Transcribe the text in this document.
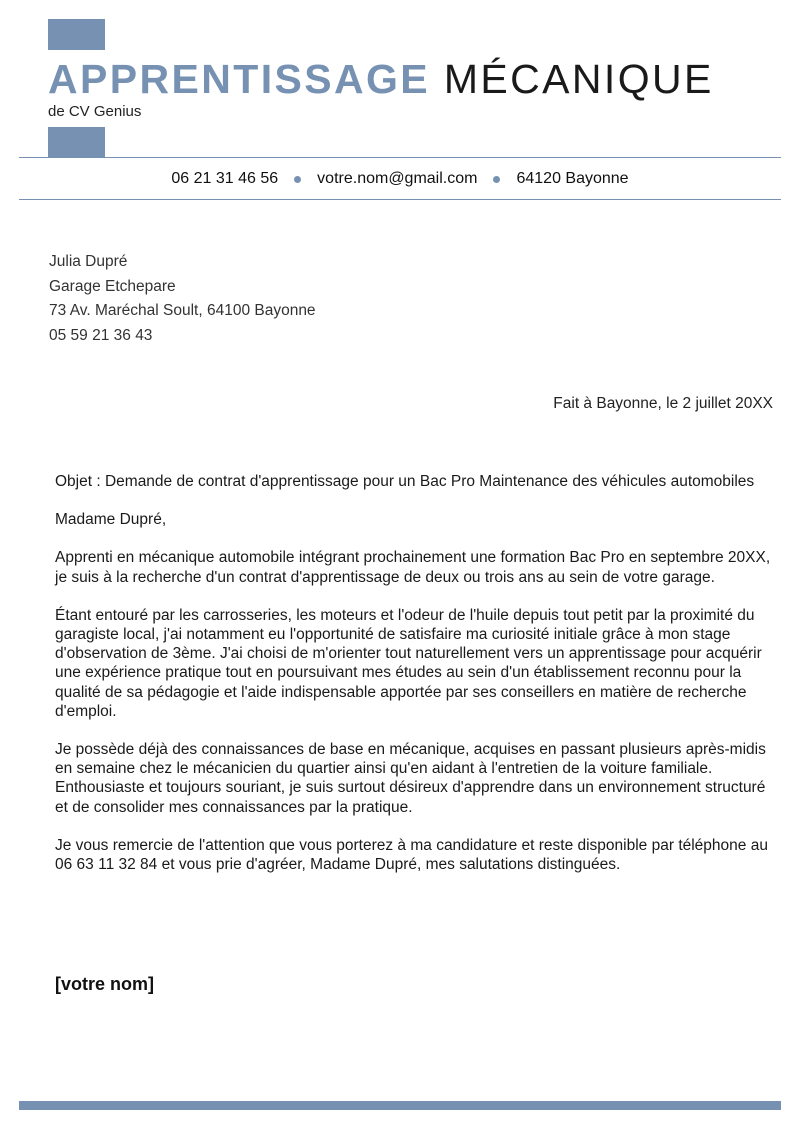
APPRENTISSAGE MÉCANIQUE
de CV Genius
06 21 31 46 56 votre.nom@gmail.com 64120 Bayonne
Julia Dupré
Garage Etchepare
73 Av. Maréchal Soult, 64100 Bayonne
05 59 21 36 43
Fait à Bayonne, le 2 juillet 20XX

Objet : Demande de contrat d'apprentissage pour un Bac Pro Maintenance des véhicules automobiles

Madame Dupré,

Apprenti en mécanique automobile intégrant prochainement une formation Bac Pro en septembre 20XX, je suis à la recherche d'un contrat d'apprentissage de deux ou trois ans au sein de votre garage.

Étant entouré par les carrosseries, les moteurs et l'odeur de l'huile depuis tout petit par la proximité du garagiste local, j'ai notamment eu l'opportunité de satisfaire ma curiosité initiale grâce à mon stage d'observation de 3ème. J'ai choisi de m'orienter tout naturellement vers un apprentissage pour acquérir une expérience pratique tout en poursuivant mes études au sein d'un établissement reconnu pour la qualité de sa pédagogie et l'aide indispensable apportée par ses conseillers en matière de recherche d'emploi.

Je possède déjà des connaissances de base en mécanique, acquises en passant plusieurs après-midis en semaine chez le mécanicien du quartier ainsi qu'en aidant à l'entretien de la voiture familiale. Enthousiaste et toujours souriant, je suis surtout désireux d'apprendre dans un environnement structuré et de consolider mes connaissances par la pratique.

Je vous remercie de l'attention que vous porterez à ma candidature et reste disponible par téléphone au 06 63 11 32 84 et vous prie d'agréer, Madame Dupré, mes salutations distinguées.

[votre nom]
